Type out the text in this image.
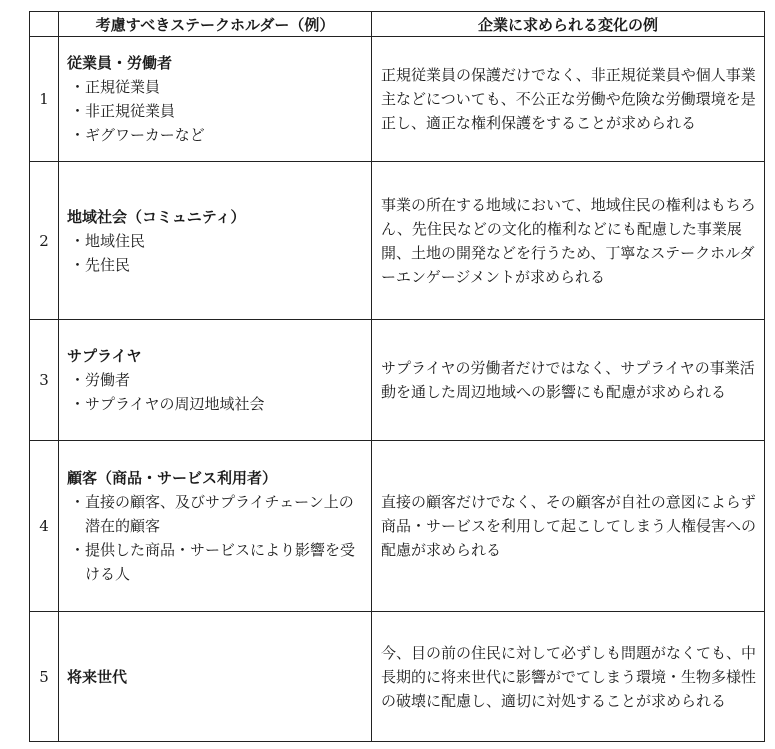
	考慮すべきステークホルダー（例）	企業に求められる変化の例
1	従業員・労働者
・ 正規従業員
・ 非正規従業員
・ ギグワーカーなど	正規従業員の保護だけでなく、非正規従業員や個人事業主などについても、不公正な労働や危険な労働環境を是正し、適正な権利保護をすることが求められる
2	地域社会（コミュニティ）
・ 地域住民
・ 先住民	事業の所在する地域において、地域住民の権利はもちろん、先住民などの文化的権利などにも配慮した事業展開、土地の開発などを行うため、丁寧なステークホルダーエンゲージメントが求められる
3	サプライヤ
・ 労働者
・ サプライヤの周辺地域社会	サプライヤの労働者だけではなく、サプライヤの事業活動を通した周辺地域への影響にも配慮が求められる
4	顧客（商品・サービス利用者）
・ 直接の顧客、及びサプライチェーン上の潜在的顧客
・ 提供した商品・サービスにより影響を受ける人	直接の顧客だけでなく、その顧客が自社の意図によらず商品・サービスを利用して起こしてしまう人権侵害への配慮が求められる
5	将来世代	今、目の前の住民に対して必ずしも問題がなくても、中長期的に将来世代に影響がでてしまう環境・生物多様性の破壊に配慮し、適切に対処することが求められる
